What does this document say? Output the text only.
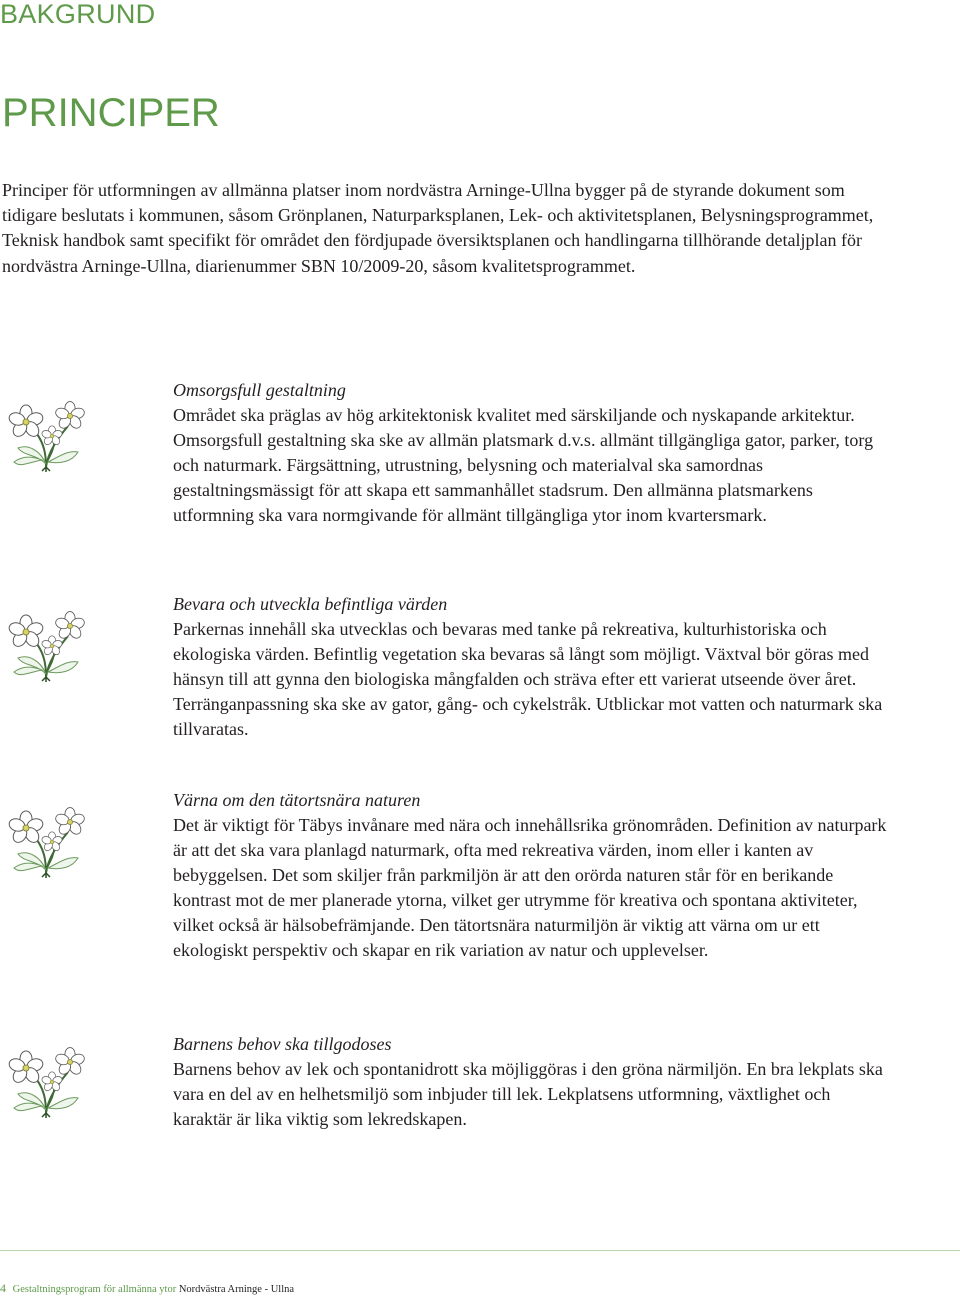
BAKGRUND
PRINCIPER

Principer för utformningen av allmänna platser inom nordvästra Arninge-Ullna bygger på de styrande dokument som tidigare beslutats i kommunen, såsom Grönplanen, Naturparksplanen, Lek- och aktivitetsplanen, Belysningsprogrammet, Teknisk handbok samt specifikt för området den fördjupade översiktsplanen och handlingarna tillhörande detaljplan för nordvästra Arninge-Ullna, diarienummer SBN 10/2009-20, såsom kvalitetsprogrammet.

Omsorgsfull gestaltning

Området ska präglas av hög arkitektonisk kvalitet med särskiljande och nyskapande arkitektur. Omsorgsfull gestaltning ska ske av allmän platsmark d.v.s. allmänt tillgängliga gator, parker, torg och naturmark. Färgsättning, utrustning, belysning och materialval ska samordnas gestaltningsmässigt för att skapa ett sammanhållet stadsrum. Den allmänna platsmarkens utformning ska vara normgivande för allmänt tillgängliga ytor inom kvartersmark.

Bevara och utveckla befintliga värden

Parkernas innehåll ska utvecklas och bevaras med tanke på rekreativa, kulturhistoriska och ekologiska värden. Befintlig vegetation ska bevaras så långt som möjligt. Växtval bör göras med hänsyn till att gynna den biologiska mångfalden och sträva efter ett varierat utseende över året. Terränganpassning ska ske av gator, gång- och cykelstråk. Utblickar mot vatten och naturmark ska tillvaratas.

Värna om den tätortsnära naturen

Det är viktigt för Täbys invånare med nära och innehållsrika grönområden. Definition av naturpark är att det ska vara planlagd naturmark, ofta med rekreativa värden, inom eller i kanten av bebyggelsen. Det som skiljer från parkmiljön är att den orörda naturen står för en berikande kontrast mot de mer planerade ytorna, vilket ger utrymme för kreativa och spontana aktiviteter, vilket också är hälsobefrämjande. Den tätortsnära naturmiljön är viktig att värna om ur ett ekologiskt perspektiv och skapar en rik variation av natur och upplevelser.

Barnens behov ska tillgodoses

Barnens behov av lek och spontanidrott ska möjliggöras i den gröna närmiljön. En bra lekplats ska vara en del av en helhetsmiljö som inbjuder till lek. Lekplatsens utformning, växtlighet och karaktär är lika viktig som lekredskapen.

4 Gestaltningsprogram för allmänna ytor Nordvästra Arninge - Ullna
